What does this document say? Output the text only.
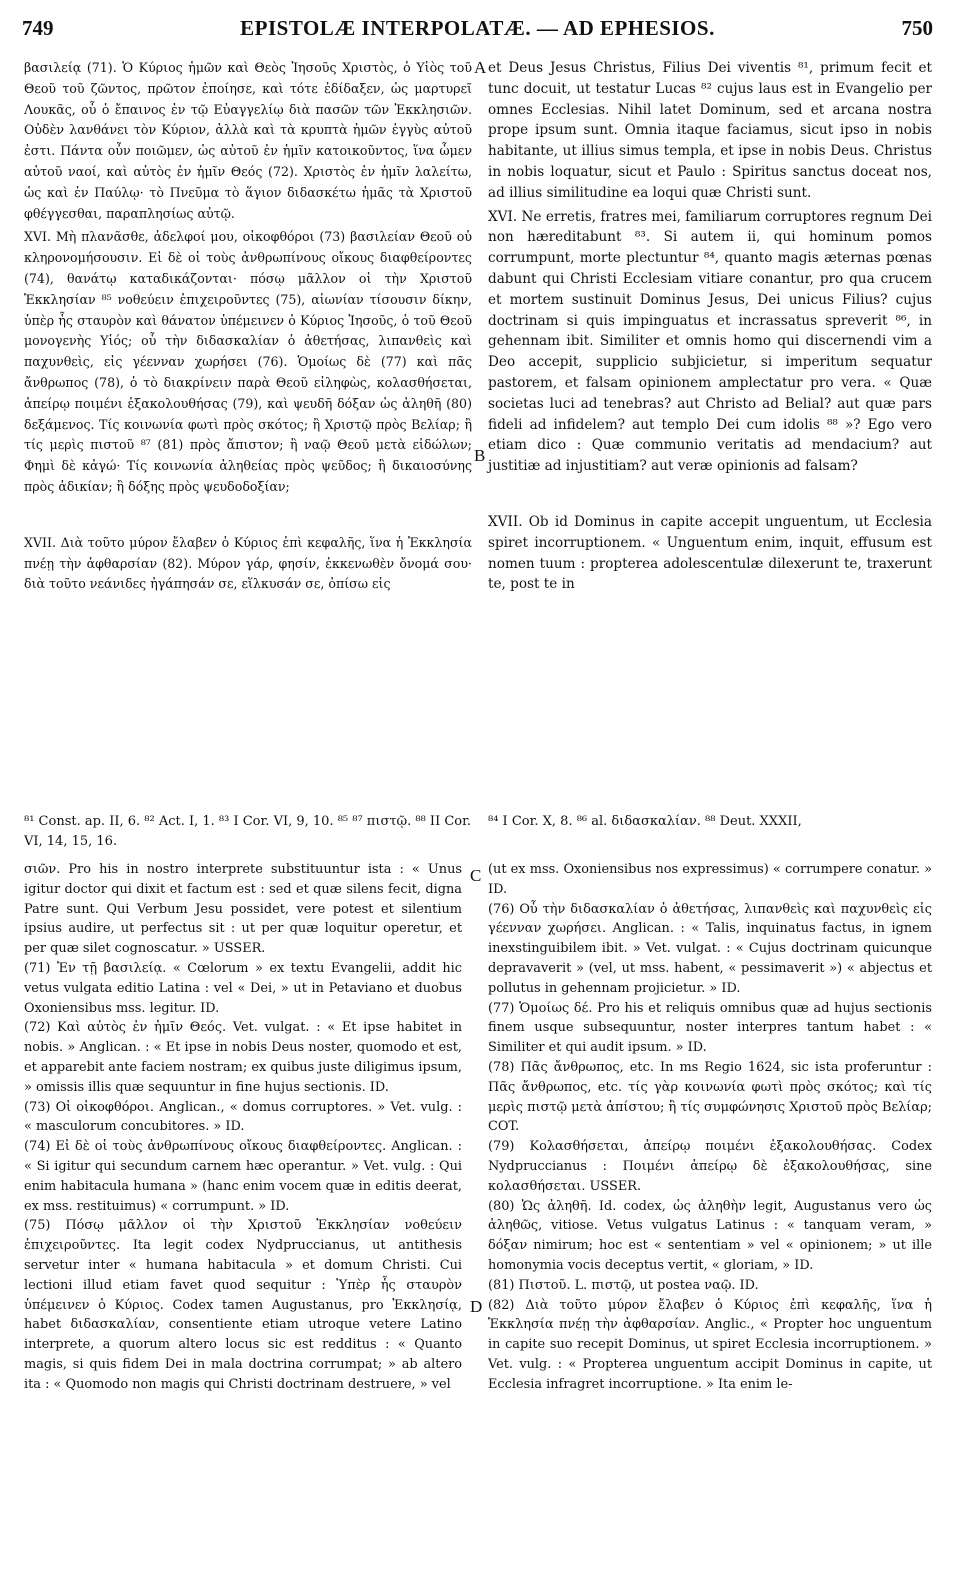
749	EPISTOLÆ INTERPOLATÆ. — AD EPHESIOS.	750
A
B
C
D

βασιλείᾳ (71). Ὁ Κύριος ἡμῶν καὶ Θεὸς Ἰησοῦς Χριστὸς, ὁ Υἱὸς τοῦ Θεοῦ τοῦ ζῶντος, πρῶτον ἐποίησε, καὶ τότε ἐδίδαξεν, ὡς μαρτυρεῖ Λουκᾶς, οὗ ὁ ἔπαινος ἐν τῷ Εὐαγγελίῳ διὰ πασῶν τῶν Ἐκκλησιῶν. Οὐδὲν λανθάνει τὸν Κύριον, ἀλλὰ καὶ τὰ κρυπτὰ ἡμῶν ἐγγὺς αὐτοῦ ἐστι. Πάντα οὖν ποιῶμεν, ὡς αὐτοῦ ἐν ἡμῖν κατοικοῦντος, ἵνα ὦμεν αὐτοῦ ναοί, καὶ αὐτὸς ἐν ἡμῖν Θεός (72). Χριστὸς ἐν ἡμῖν λαλείτω, ὡς καὶ ἐν Παύλῳ· τὸ Πνεῦμα τὸ ἅγιον διδασκέτω ἡμᾶς τὰ Χριστοῦ φθέγγεσθαι, παραπλησίως αὐτῷ.

XVI. Μὴ πλανᾶσθε, ἀδελφοί μου, οἰκοφθόροι (73) βασιλείαν Θεοῦ οὐ κληρονομήσουσιν. Εἰ δὲ οἱ τοὺς ἀνθρωπίνους οἴκους διαφθείροντες (74), θανάτῳ καταδικάζονται· πόσῳ μᾶλλον οἱ τὴν Χριστοῦ Ἐκκλησίαν ⁸⁵ νοθεύειν ἐπιχειροῦντες (75), αἰωνίαν τίσουσιν δίκην, ὑπὲρ ἧς σταυρὸν καὶ θάνατον ὑπέμεινεν ὁ Κύριος Ἰησοῦς, ὁ τοῦ Θεοῦ μονογενὴς Υἱός; οὗ τὴν διδασκαλίαν ὁ ἀθετήσας, λιπανθεὶς καὶ παχυνθεὶς, εἰς γέενναν χωρήσει (76). Ὁμοίως δὲ (77) καὶ πᾶς ἄνθρωπος (78), ὁ τὸ διακρίνειν παρὰ Θεοῦ εἰληφὼς, κολασθήσεται, ἀπείρῳ ποιμένι ἐξακολουθήσας (79), καὶ ψευδῆ δόξαν ὡς ἀληθῆ (80) δεξάμενος. Τίς κοινωνία φωτὶ πρὸς σκότος; ἢ Χριστῷ πρὸς Βελίαρ; ἢ τίς μερὶς πιστοῦ ⁸⁷ (81) πρὸς ἄπιστον; ἢ ναῷ Θεοῦ μετὰ εἰδώλων; Φημὶ δὲ κἀγώ· Τίς κοινωνία ἀληθείας πρὸς ψεῦδος; ἢ δικαιοσύνης πρὸς ἀδικίαν; ἢ δόξης πρὸς ψευδοδοξίαν;

XVII. Διὰ τοῦτο μύρον ἔλαβεν ὁ Κύριος ἐπὶ κεφαλῆς, ἵνα ἡ Ἐκκλησία πνέῃ τὴν ἀφθαρσίαν (82). Μύρον γάρ, φησίν, ἐκκενωθὲν ὄνομά σου· διὰ τοῦτο νεάνιδες ἠγάπησάν σε, εἵλκυσάν σε, ὀπίσω εἰς

et Deus Jesus Christus, Filius Dei viventis ⁸¹, primum fecit et tunc docuit, ut testatur Lucas ⁸² cujus laus est in Evangelio per omnes Ecclesias. Nihil latet Dominum, sed et arcana nostra prope ipsum sunt. Omnia itaque faciamus, sicut ipso in nobis habitante, ut illius simus templa, et ipse in nobis Deus. Christus in nobis loquatur, sicut et Paulo : Spiritus sanctus doceat nos, ad illius similitudine ea loqui quæ Christi sunt.

XVI. Ne erretis, fratres mei, familiarum corruptores regnum Dei non hæreditabunt ⁸³. Si autem ii, qui hominum pomos corrumpunt, morte plectuntur ⁸⁴, quanto magis æternas pœnas dabunt qui Christi Ecclesiam vitiare conantur, pro qua crucem et mortem sustinuit Dominus Jesus, Dei unicus Filius? cujus doctrinam si quis impinguatus et incrassatus spreverit ⁸⁶, in gehennam ibit. Similiter et omnis homo qui discernendi vim a Deo accepit, supplicio subjicietur, si imperitum sequatur pastorem, et falsam opinionem amplectatur pro vera. « Quæ societas luci ad tenebras? aut Christo ad Belial? aut quæ pars fideli ad infidelem? aut templo Dei cum idolis ⁸⁸ »? Ego vero etiam dico : Quæ communio veritatis ad mendacium? aut justitiæ ad injustitiam? aut veræ opinionis ad falsam?

XVII. Ob id Dominus in capite accepit unguentum, ut Ecclesia spiret incorruptionem. « Unguentum enim, inquit, effusum est nomen tuum : propterea adolescentulæ dilexerunt te, traxerunt te, post te in

⁸¹ Const. ap. II, 6. ⁸² Act. I, 1. ⁸³ I Cor. VI, 9, 10. ⁸⁵ ⁸⁷ πιστῷ. ⁸⁸ II Cor. VI, 14, 15, 16.
⁸⁴ I Cor. X, 8. ⁸⁶ al. διδασκαλίαν. ⁸⁸ Deut. XXXII,

σιῶν. Pro his in nostro interprete substituuntur ista : « Unus igitur doctor qui dixit et factum est : sed et quæ silens fecit, digna Patre sunt. Qui Verbum Jesu possidet, vere potest et silentium ipsius audire, ut perfectus sit : ut per quæ loquitur operetur, et per quæ silet cognoscatur. » USSER.

(71) Ἐν τῇ βασιλείᾳ. « Cœlorum » ex textu Evangelii, addit hic vetus vulgata editio Latina : vel « Dei, » ut in Petaviano et duobus Oxoniensibus mss. legitur. ID.

(72) Καὶ αὐτὸς ἐν ἡμῖν Θεός. Vet. vulgat. : « Et ipse habitet in nobis. » Anglican. : « Et ipse in nobis Deus noster, quomodo et est, et apparebit ante faciem nostram; ex quibus juste diligimus ipsum, » omissis illis quæ sequuntur in fine hujus sectionis. ID.

(73) Οἱ οἰκοφθόροι. Anglican., « domus corruptores. » Vet. vulg. : « masculorum concubitores. » ID.

(74) Εἰ δὲ οἱ τοὺς ἀνθρωπίνους οἴκους διαφθείροντες. Anglican. : « Si igitur qui secundum carnem hæc operantur. » Vet. vulg. : Qui enim habitacula humana » (hanc enim vocem quæ in editis deerat, ex mss. restituimus) « corrumpunt. » ID.

(75) Πόσῳ μᾶλλον οἱ τὴν Χριστοῦ Ἐκκλησίαν νοθεύειν ἐπιχειροῦντες. Ita legit codex Nydpruccianus, ut antithesis servetur inter « humana habitacula » et domum Christi. Cui lectioni illud etiam favet quod sequitur : Ὑπὲρ ἧς σταυρὸν ὑπέμεινεν ὁ Κύριος. Codex tamen Augustanus, pro Ἐκκλησίᾳ, habet διδασκαλίαν, consentiente etiam utroque vetere Latino interprete, a quorum altero locus sic est redditus : « Quanto magis, si quis fidem Dei in mala doctrina corrumpat; » ab altero ita : « Quomodo non magis qui Christi doctrinam destruere, » vel

(ut ex mss. Oxoniensibus nos expressimus) « corrumpere conatur. » ID.

(76) Οὗ τὴν διδασκαλίαν ὁ ἀθετήσας, λιπανθεὶς καὶ παχυνθεὶς εἰς γέενναν χωρήσει. Anglican. : « Talis, inquinatus factus, in ignem inexstinguibilem ibit. » Vet. vulgat. : « Cujus doctrinam quicunque depravaverit » (vel, ut mss. habent, « pessimaverit ») « abjectus et pollutus in gehennam projicietur. » ID.

(77) Ὁμοίως δέ. Pro his et reliquis omnibus quæ ad hujus sectionis finem usque subsequuntur, noster interpres tantum habet : « Similiter et qui audit ipsum. » ID.

(78) Πᾶς ἄνθρωπος, etc. In ms Regio 1624, sic ista proferuntur : Πᾶς ἄνθρωπος, etc. τίς γὰρ κοινωνία φωτὶ πρὸς σκότος; καὶ τίς μερὶς πιστῷ μετὰ ἀπίστου; ἢ τίς συμφώνησις Χριστοῦ πρὸς Βελίαρ; COT.

(79) Κολασθήσεται, ἀπείρῳ ποιμένι ἐξακολουθήσας. Codex Nydpruccianus : Ποιμένι ἀπείρῳ δὲ ἐξακολουθήσας, sine κολασθήσεται. USSER.

(80) Ὡς ἀληθῆ. Id. codex, ὡς ἀληθὴν legit, Augustanus vero ὡς ἀληθῶς, vitiose. Vetus vulgatus Latinus : « tanquam veram, » δόξαν nimirum; hoc est « sententiam » vel « opinionem; » ut ille homonymia vocis deceptus vertit, « gloriam, » ID.

(81) Πιστοῦ. L. πιστῷ, ut postea ναῷ. ID.

(82) Διὰ τοῦτο μύρον ἔλαβεν ὁ Κύριος ἐπὶ κεφαλῆς, ἵνα ἡ Ἐκκλησία πνέῃ τὴν ἀφθαρσίαν. Anglic., « Propter hoc unguentum in capite suo recepit Dominus, ut spiret Ecclesia incorruptionem. » Vet. vulg. : « Propterea unguentum accipit Dominus in capite, ut Ecclesia infragret incorruptione. » Ita enim le-
